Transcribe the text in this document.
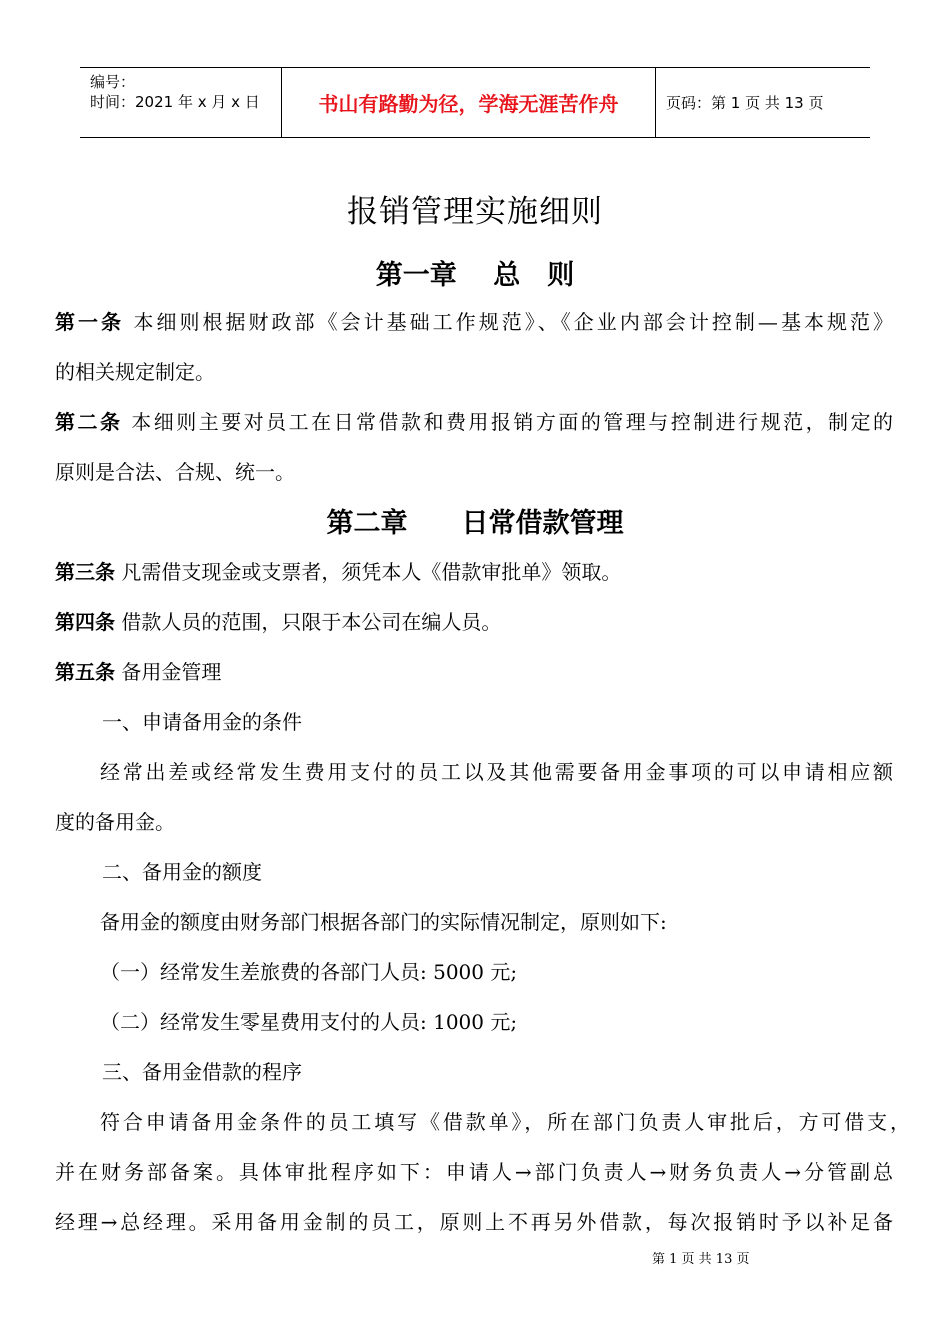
编号：
时间：2021 年 x 月 x 日	书山有路勤为径，学海无涯苦作舟	页码：第 1 页 共 13 页
报销管理实施细则
第一章　 总　则
第一条 本细则根据财政部《会计基础工作规范》、《企业内部会计控制—基本规范》
的相关规定制定。
第二条 本细则主要对员工在日常借款和费用报销方面的管理与控制进行规范，制定的
原则是合法、合规、统一。
第二章　　日常借款管理
第三条 凡需借支现金或支票者，须凭本人《借款审批单》领取。
第四条 借款人员的范围，只限于本公司在编人员。
第五条 备用金管理
一、申请备用金的条件
经常出差或经常发生费用支付的员工以及其他需要备用金事项的可以申请相应额
度的备用金。
二、备用金的额度
备用金的额度由财务部门根据各部门的实际情况制定，原则如下:
（一）经常发生差旅费的各部门人员: 5000 元;
（二）经常发生零星费用支付的人员: 1000 元;
三、备用金借款的程序
符合申请备用金条件的员工填写《借款单》，所在部门负责人审批后，方可借支，
并在财务部备案。具体审批程序如下：申请人→部门负责人→财务负责人→分管副总
经理→总经理。采用备用金制的员工，原则上不再另外借款，每次报销时予以补足备
第 1 页 共 13 页
